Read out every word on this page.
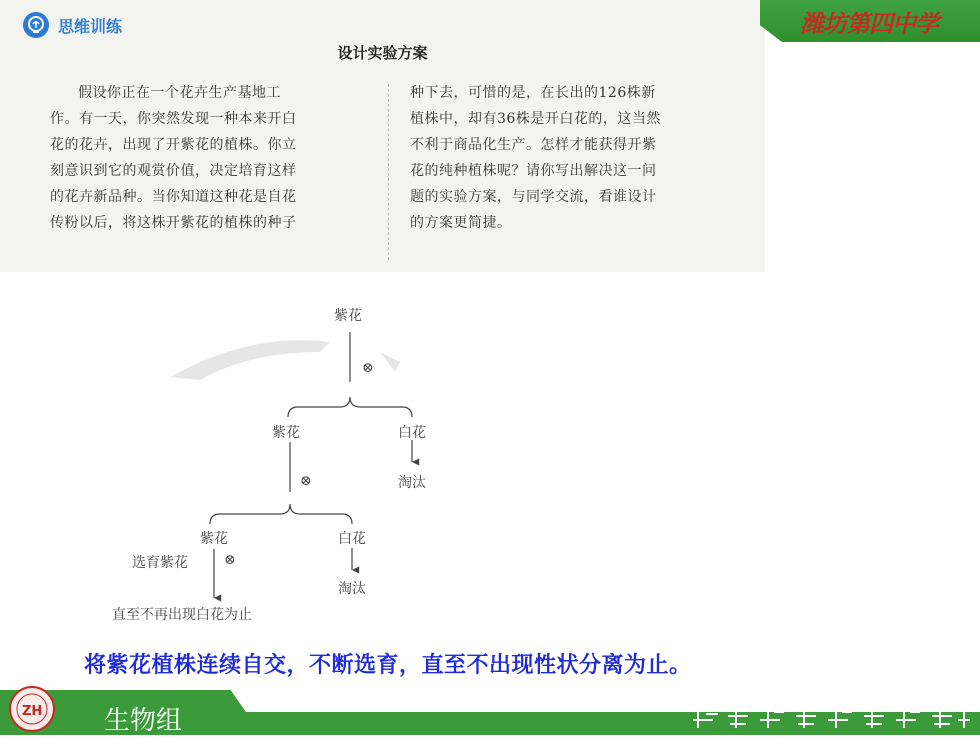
思维训练
设计实验方案
假设你正在一个花卉生产基地工
作。有一天，你突然发现一种本来开白
花的花卉，出现了开紫花的植株。你立
刻意识到它的观赏价值，决定培育这样
的花卉新品种。当你知道这种花是自花
传粉以后，将这株开紫花的植株的种子
种下去，可惜的是，在长出的126株新
植株中，却有36株是开白花的，这当然
不利于商品化生产。怎样才能获得开紫
花的纯种植株呢？请你写出解决这一问
题的实验方案，与同学交流，看谁设计
的方案更简捷。
潍坊第四中学
紫花
⊗
紫花	白花
⊗	淘汰
紫花	白花
选育紫花	⊗
淘汰
直至不再出现白花为止
将紫花植株连续自交，不断选育，直至不出现性状分离为止。
ZH 生物组
